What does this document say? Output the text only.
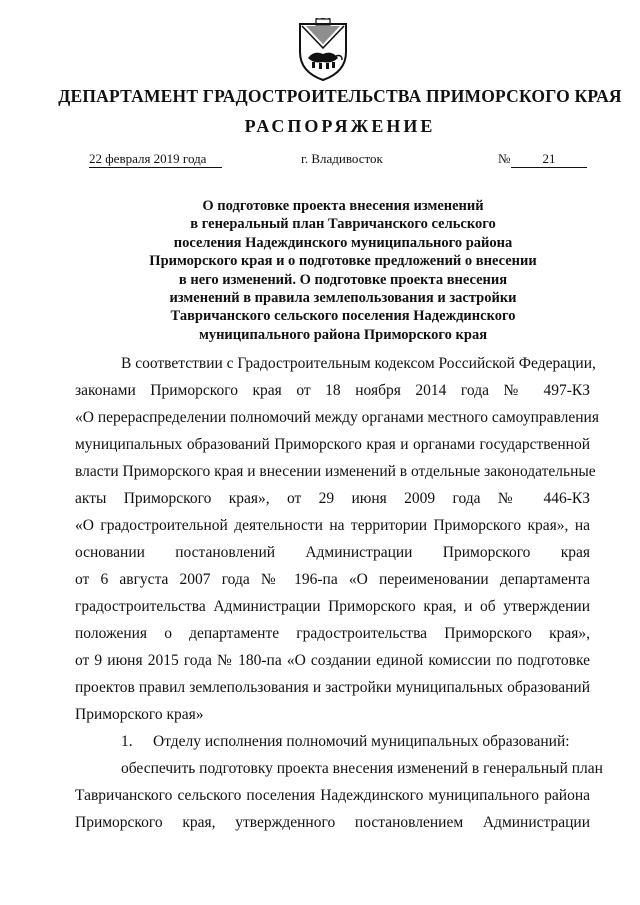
ДЕПАРТАМЕНТ ГРАДОСТРОИТЕЛЬСТВА ПРИМОРСКОГО КРАЯ
РАСПОРЯЖЕНИЕ
22 февраля 2019 года	г. Владивосток	№	21
О подготовке проекта внесения изменений
в генеральный план Тавричанского сельского
поселения Надеждинского муниципального района
Приморского края и о подготовке предложений о внесении
в него изменений. О подготовке проекта внесения
изменений в правила землепользования и застройки
Тавричанского сельского поселения Надеждинского
муниципального района Приморского края
В соответствии с Градостроительным кодексом Российской Федерации,
законами Приморского края от 18 ноября 2014 года № 497-КЗ
«О перераспределении полномочий между органами местного самоуправления
муниципальных образований Приморского края и органами государственной
власти Приморского края и внесении изменений в отдельные законодательные
акты Приморского края», от 29 июня 2009 года № 446-КЗ
«О градостроительной деятельности на территории Приморского края», на
основании постановлений Администрации Приморского края
от 6 августа 2007 года № 196-па «О переименовании департамента
градостроительства Администрации Приморского края, и об утверждении
положения о департаменте градостроительства Приморского края»,
от 9 июня 2015 года № 180-па «О создании единой комиссии по подготовке
проектов правил землепользования и застройки муниципальных образований
Приморского края»
1. Отделу исполнения полномочий муниципальных образований:
обеспечить подготовку проекта внесения изменений в генеральный план
Тавричанского сельского поселения Надеждинского муниципального района
Приморского края, утвержденного постановлением Администрации
